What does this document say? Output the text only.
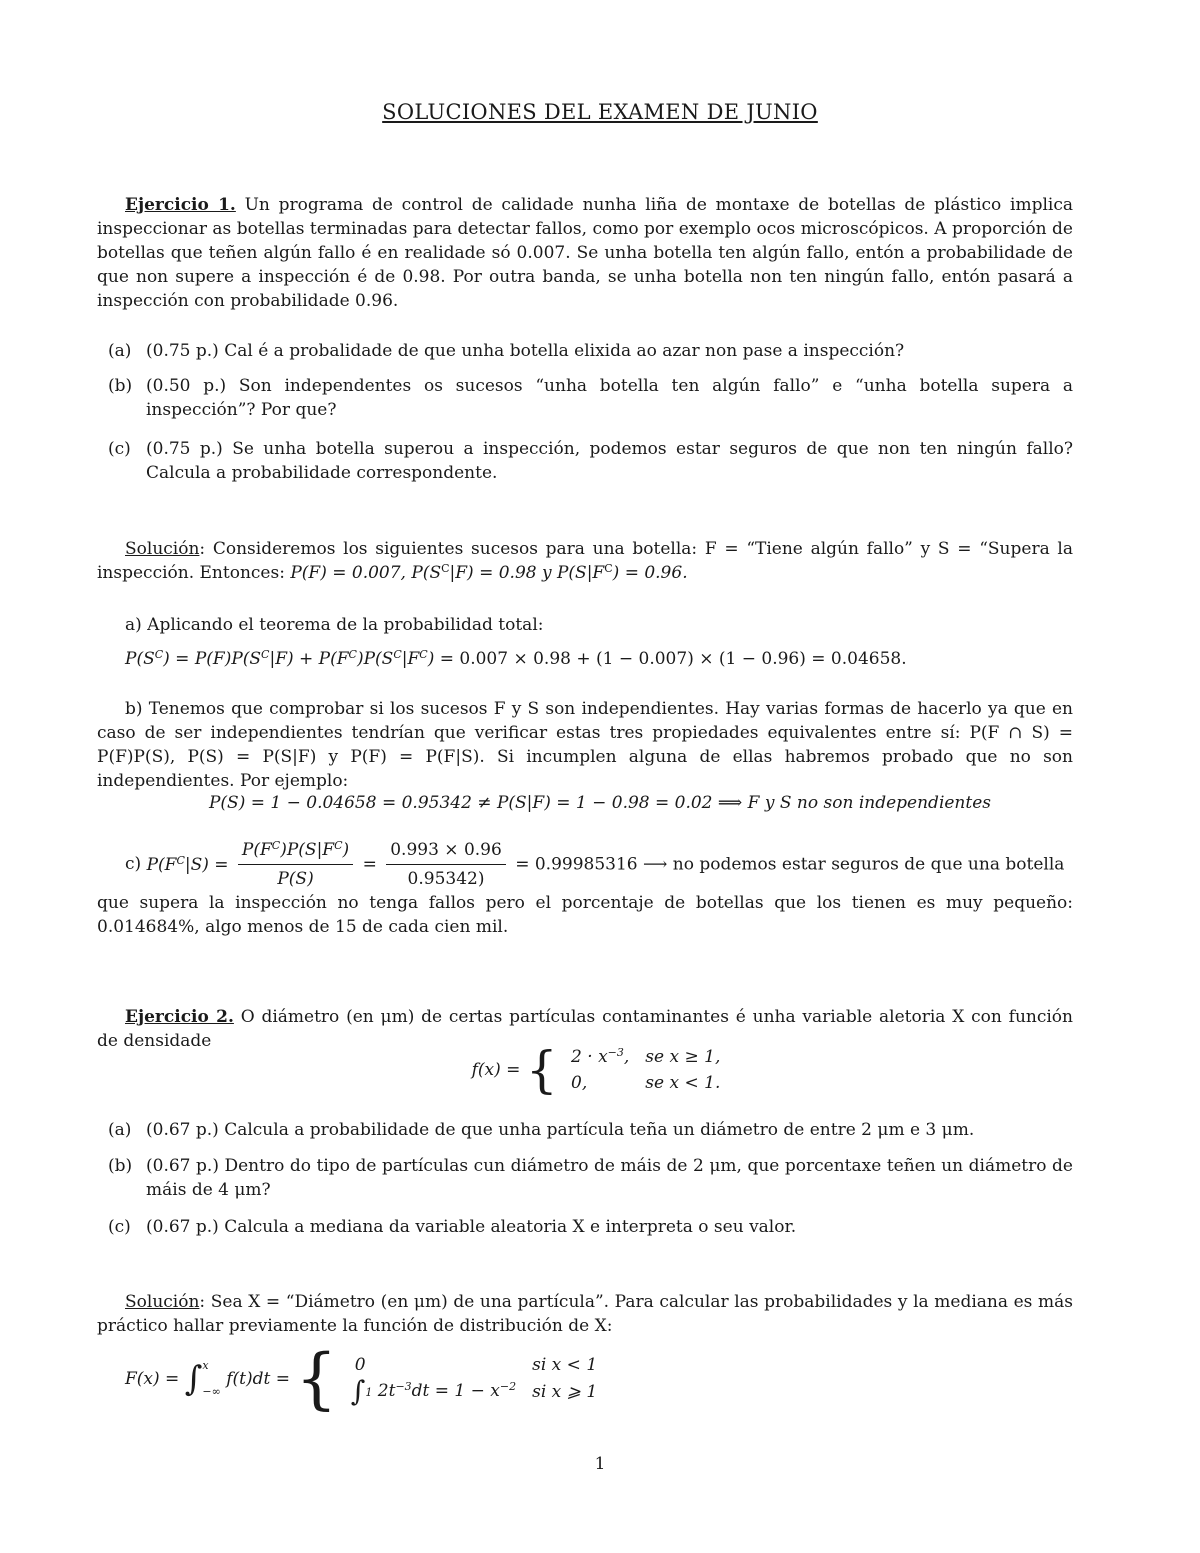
SOLUCIONES DEL EXAMEN DE JUNIO
Ejercicio 1. Un programa de control de calidade nunha liña de montaxe de botellas de plástico implica inspeccionar as botellas terminadas para detectar fallos, como por exemplo ocos microscópicos. A proporción de botellas que teñen algún fallo é en realidade só 0.007. Se unha botella ten algún fallo, entón a probabilidade de que non supere a inspección é de 0.98. Por outra banda, se unha botella non ten ningún fallo, entón pasará a inspección con probabilidade 0.96.
(a) (0.75 p.) Cal é a probalidade de que unha botella elixida ao azar non pase a inspección?
(b) (0.50 p.) Son independentes os sucesos “unha botella ten algún fallo” e “unha botella supera a inspección”? Por que?
(c) (0.75 p.) Se unha botella superou a inspección, podemos estar seguros de que non ten ningún fallo? Calcula a probabilidade correspondente.
Solución: Consideremos los siguientes sucesos para una botella: F = “Tiene algún fallo” y S = “Supera la inspección. Entonces: P(F) = 0.007, $P(S^C|F) = 0.98$ y $P(S|F^C) = 0.96$.
a) Aplicando el teorema de la probabilidad total:
$P(S^C) = P(F)P(S^C|F) + P(F^C)P(S^C|F^C) = 0.007 \times 0.98 + (1 - 0.007) \times (1 - 0.96) = 0.04658$.
b) Tenemos que comprobar si los sucesos F y S son independientes. Hay varias formas de hacerlo ya que en caso de ser independientes tendrían que verificar estas tres propiedades equivalentes entre sí: P(F ∩ S) = P(F)P(S), P(S) = P(S|F) y P(F) = P(F|S). Si incumplen alguna de ellas habremos probado que no son independientes. Por ejemplo:
P(S) = 1 − 0.04658 = 0.95342 ≠ P(S|F) = 1 − 0.98 = 0.02 ⟹ F y S no son independientes
c) $P(F^C|S) = \frac{P(F^C)P(S|F^C)}{P(S)} = \frac{0.993 \times 0.96}{0.95342)} = 0.99985316$ ⟶ no podemos estar seguros de que una botella
que supera la inspección no tenga fallos pero el porcentaje de botellas que los tienen es muy pequeño: 0.014684%, algo menos de 15 de cada cien mil.
Ejercicio 2. O diámetro (en μm) de certas partículas contaminantes é unha variable aletoria X con función de densidade
f(x) = { $2 \cdot x^{-3}$,	se x ≥ 1,
0,	se x < 1.
(a) (0.67 p.) Calcula a probabilidade de que unha partícula teña un diámetro de entre 2 μm e 3 μm.
(b) (0.67 p.) Dentro do tipo de partículas cun diámetro de máis de 2 μm, que porcentaxe teñen un diámetro de máis de 4 μm?
(c) (0.67 p.) Calcula a mediana da variable aleatoria X e interpreta o seu valor.
Solución: Sea X = “Diámetro (en μm) de una partícula”. Para calcular las probabilidades y la mediana es más práctico hallar previamente la función de distribución de X:
F(x) = ∫ x
−∞
f(t)dt = { 0	si x < 1
∫1 $2t^{-3}dt = 1 - x^{-2}$	si x ⩾ 1
1
